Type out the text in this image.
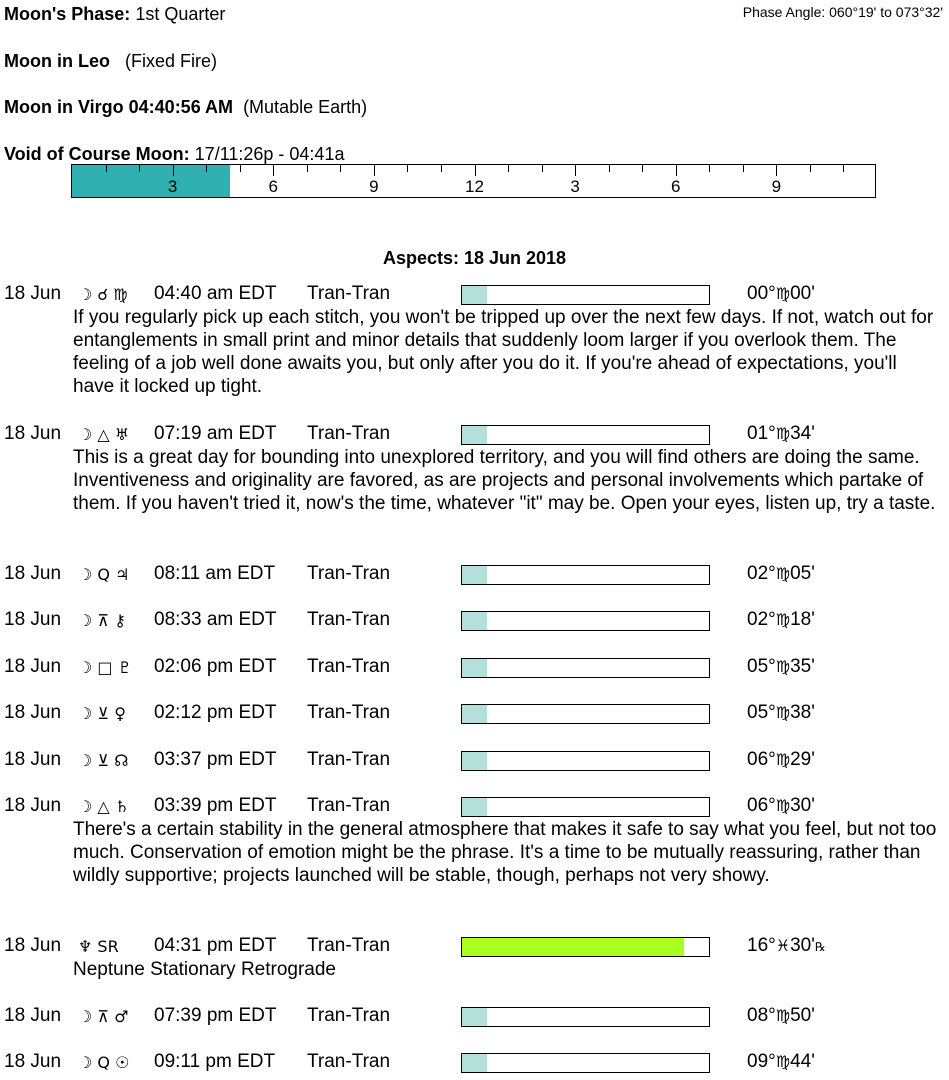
Moon's Phase: 1st Quarter	Phase Angle: 060°19' to 073°32'
Moon in Leo (Fixed Fire)
Moon in Virgo 04:40:56 AM (Mutable Earth)
Void of Course Moon: 17/11:26p - 04:41a
3	6	9	12	3	6	9
Aspects: 18 Jun 2018
18 Jun ☽ ☌ ♍ 04:40 am EDT Tran-Tran	00°♍00'
If you regularly pick up each stitch, you won't be tripped up over the next few days. If not, watch out for entanglements in small print and minor details that suddenly loom larger if you overlook them. The feeling of a job well done awaits you, but only after you do it. If you're ahead of expectations, you'll have it locked up tight.
18 Jun ☽ △ ♅ 07:19 am EDT Tran-Tran	01°♍34'
This is a great day for bounding into unexplored territory, and you will find others are doing the same. Inventiveness and originality are favored, as are projects and personal involvements which partake of them. If you haven't tried it, now's the time, whatever "it" may be. Open your eyes, listen up, try a taste.
18 Jun ☽ Q ♃ 08:11 am EDT Tran-Tran	02°♍05'
18 Jun ☽ ⊼ ⚷ 08:33 am EDT Tran-Tran	02°♍18'
18 Jun ☽ □ ♇ 02:06 pm EDT Tran-Tran	05°♍35'
18 Jun ☽ ⊻ ♀ 02:12 pm EDT Tran-Tran	05°♍38'
18 Jun ☽ ⊻ ☊ 03:37 pm EDT Tran-Tran	06°♍29'
18 Jun ☽ △ ♄ 03:39 pm EDT Tran-Tran	06°♍30'
There's a certain stability in the general atmosphere that makes it safe to say what you feel, but not too much. Conservation of emotion might be the phrase. It's a time to be mutually reassuring, rather than wildly supportive; projects launched will be stable, though, perhaps not very showy.
18 Jun ♆ SR 04:31 pm EDT Tran-Tran	16°♓30'℞
Neptune Stationary Retrograde
18 Jun ☽ ⊼ ♂ 07:39 pm EDT Tran-Tran	08°♍50'
18 Jun ☽ Q ☉ 09:11 pm EDT Tran-Tran	09°♍44'
